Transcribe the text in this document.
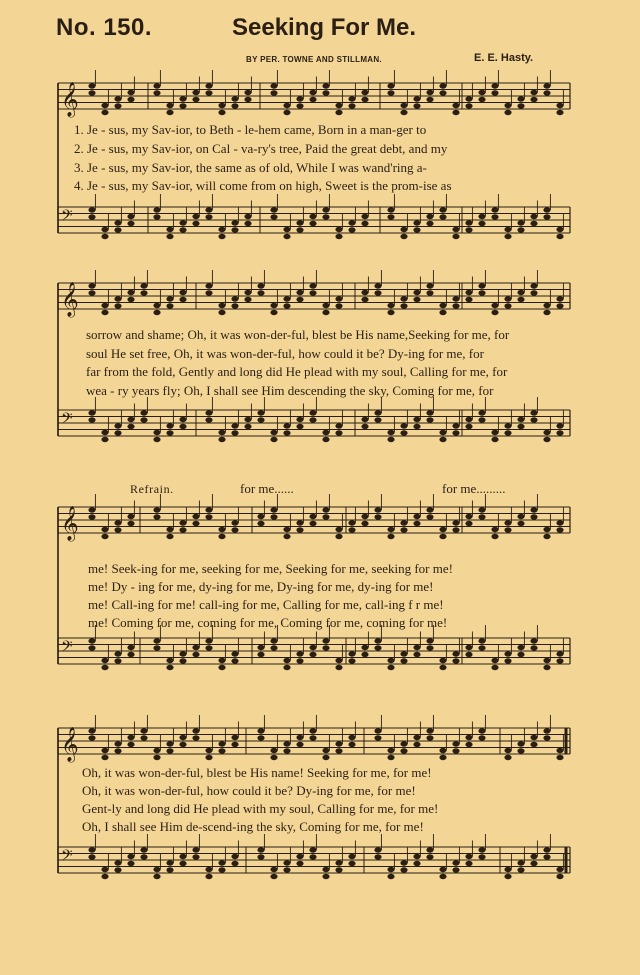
No. 150.	Seeking For Me.
BY PER. TOWNE AND STILLMAN.	E. E. Hasty.
𝄞
𝄢
𝄞
𝄢
𝄞
𝄢
𝄞
𝄢
1. Je - sus, my Sav-ior, to Beth - le-hem came, Born in a man-ger to
2. Je - sus, my Sav-ior, on Cal - va-ry's tree, Paid the great debt, and my
3. Je - sus, my Sav-ior, the same as of old, While I was wand'ring a-
4. Je - sus, my Sav-ior, will come from on high, Sweet is the prom-ise as
sorrow and shame; Oh, it was won-der-ful, blest be His name,Seeking for me, for
soul He set free, Oh, it was won-der-ful, how could it be? Dy-ing for me, for
far from the fold, Gently and long did He plead with my soul, Calling for me, for
wea - ry years fly; Oh, I shall see Him descending the sky, Coming for me, for
Refrain.	for me......	for me.........
me! Seek-ing for me, seeking for me, Seeking for me, seeking for me!
me! Dy - ing for me, dy-ing for me, Dy-ing for me, dy-ing for me!
me! Call-ing for me! call-ing for me, Calling for me, call-ing f r me!
me! Coming for me, coming for me, Coming for me, coming for me!
Oh, it was won-der-ful, blest be His name! Seeking for me, for me!
Oh, it was won-der-ful, how could it be? Dy-ing for me, for me!
Gent-ly and long did He plead with my soul, Calling for me, for me!
Oh, I shall see Him de-scend-ing the sky, Coming for me, for me!
